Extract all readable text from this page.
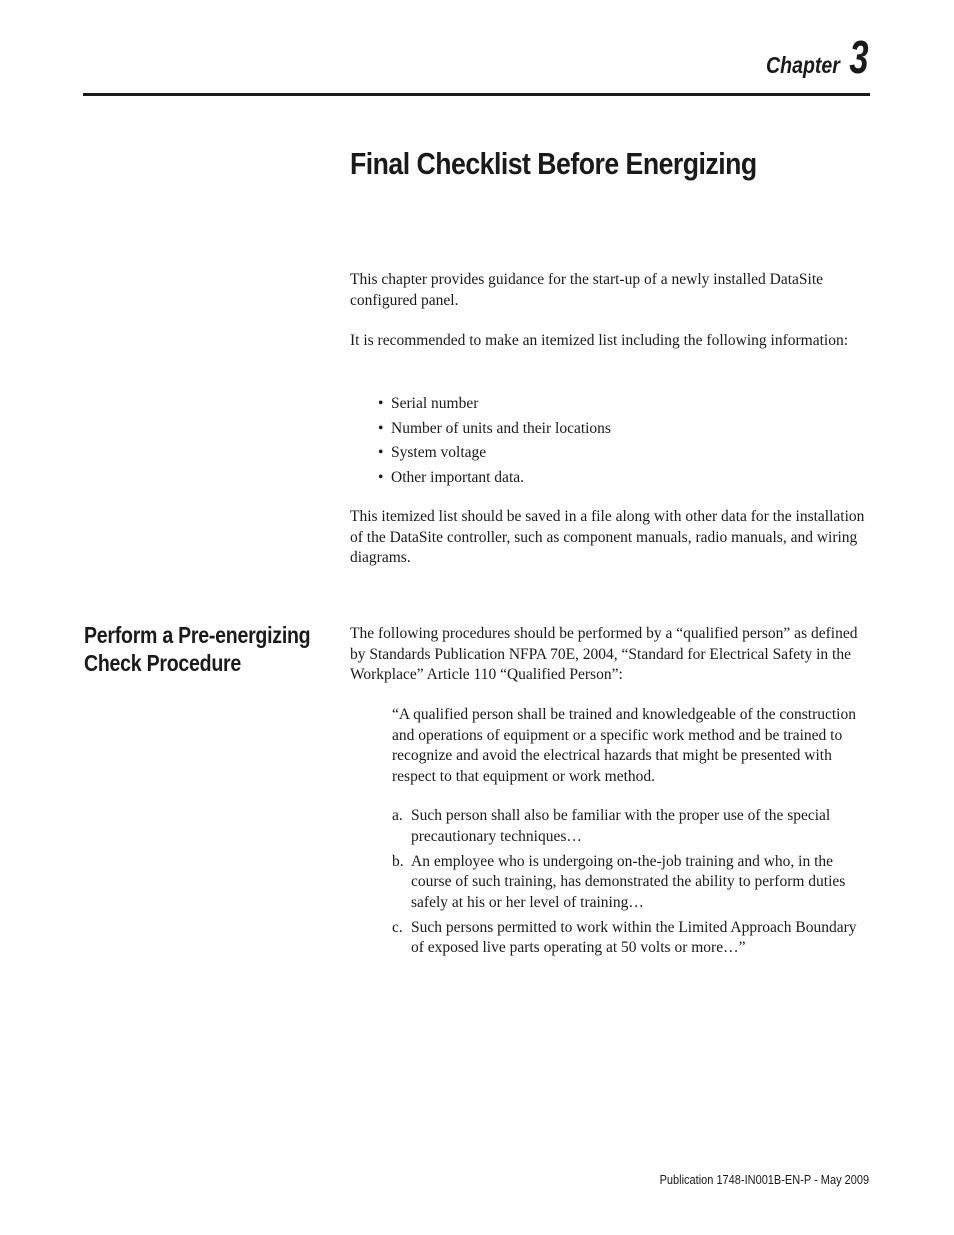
Chapter 3
Final Checklist Before Energizing

This chapter provides guidance for the start-up of a newly installed DataSite configured panel.

It is recommended to make an itemized list including the following information:

• Serial number
• Number of units and their locations
• System voltage
• Other important data.

This itemized list should be saved in a file along with other data for the installation of the DataSite controller, such as component manuals, radio manuals, and wiring diagrams.

Perform a Pre-energizing Check Procedure

The following procedures should be performed by a “qualified person” as defined by Standards Publication NFPA 70E, 2004, “Standard for Electrical Safety in the Workplace” Article 110 “Qualified Person”:

“A qualified person shall be trained and knowledgeable of the construction and operations of equipment or a specific work method and be trained to recognize and avoid the electrical hazards that might be presented with respect to that equipment or work method.

a. Such person shall also be familiar with the proper use of the special precautionary techniques…
b. An employee who is undergoing on-the-job training and who, in the course of such training, has demonstrated the ability to perform duties safely at his or her level of training…
c. Such persons permitted to work within the Limited Approach Boundary of exposed live parts operating at 50 volts or more…”
Publication 1748-IN001B-EN-P - May 2009
